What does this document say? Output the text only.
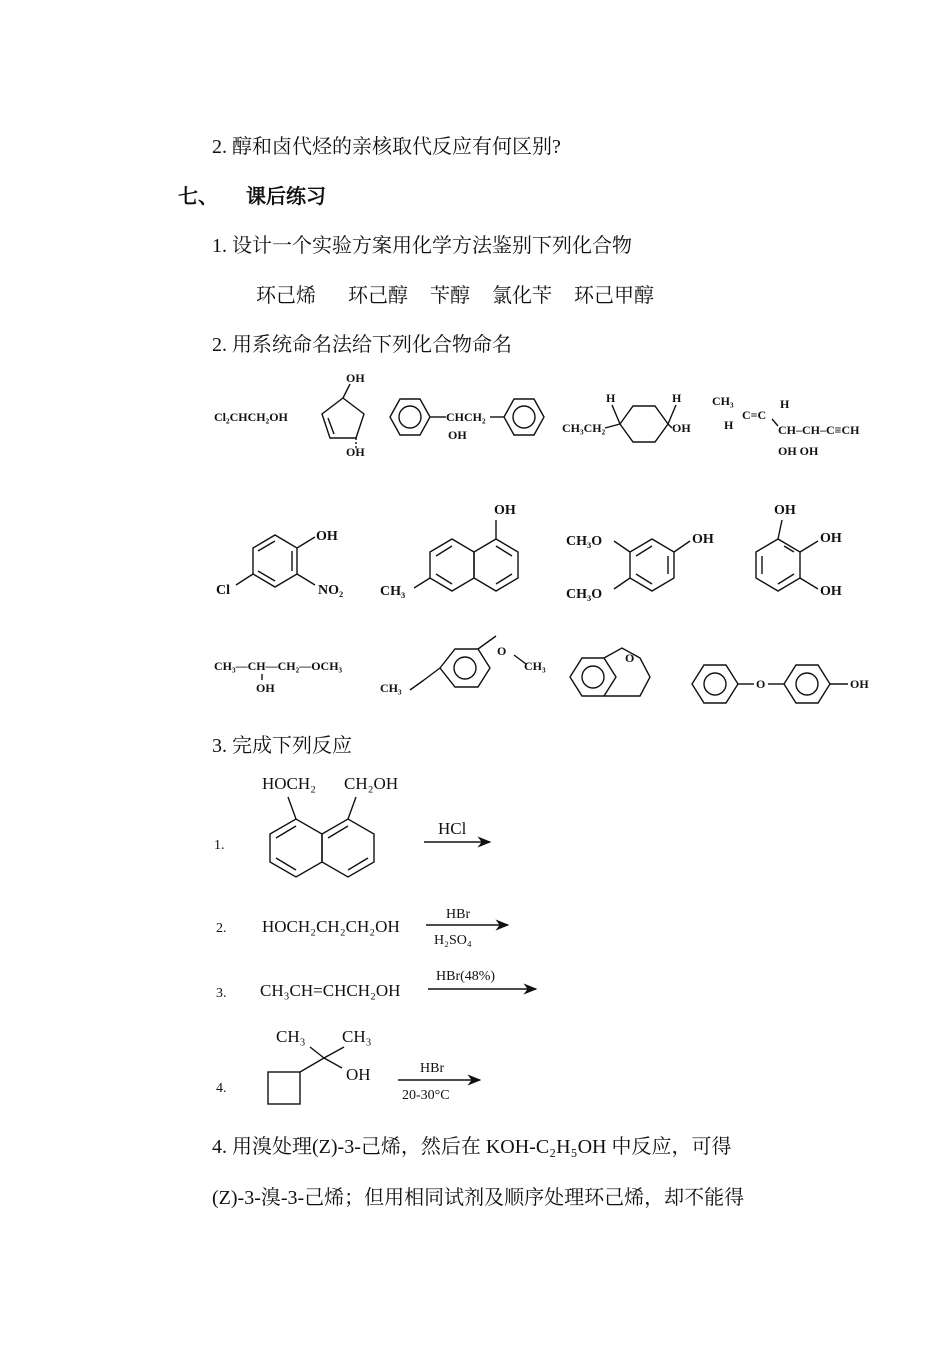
2. 醇和卤代烃的亲核取代反应有何区别?
七、 课后练习
1. 设计一个实验方案用化学方法鉴别下列化合物
环己烯 环己醇 苄醇 氯化苄 环己甲醇
2. 用系统命名法给下列化合物命名
Cl₂CHCH₂OH
OH
OH
CHCH₂
OH
H	H
CH₃CH₂	OH
CH₃
C=C
H
H	CH–CH–C≡CH
OH OH
OH
NO₂
Cl
OH
CH₃
CH₃O
CH₃O
OH
OH
OH
OH
CH₃—CH—CH₂—OCH₃
OH
O
CH₃
CH₃
O
O	OH
3. 完成下列反应
1.
HOCH₂ CH₂OH
HCl
2. HOCH₂CH₂CH₂OH
HBr
H₂SO₄
3. CH₃CH=CHCH₂OH
HBr(48%)
4.
CH₃ CH₃
OH	HBr
20-30°C
4. 用溴处理(Z)-3-己烯，然后在 KOH-C₂H₅OH 中反应，可得
(Z)-3-溴-3-己烯；但用相同试剂及顺序处理环己烯，却不能得
